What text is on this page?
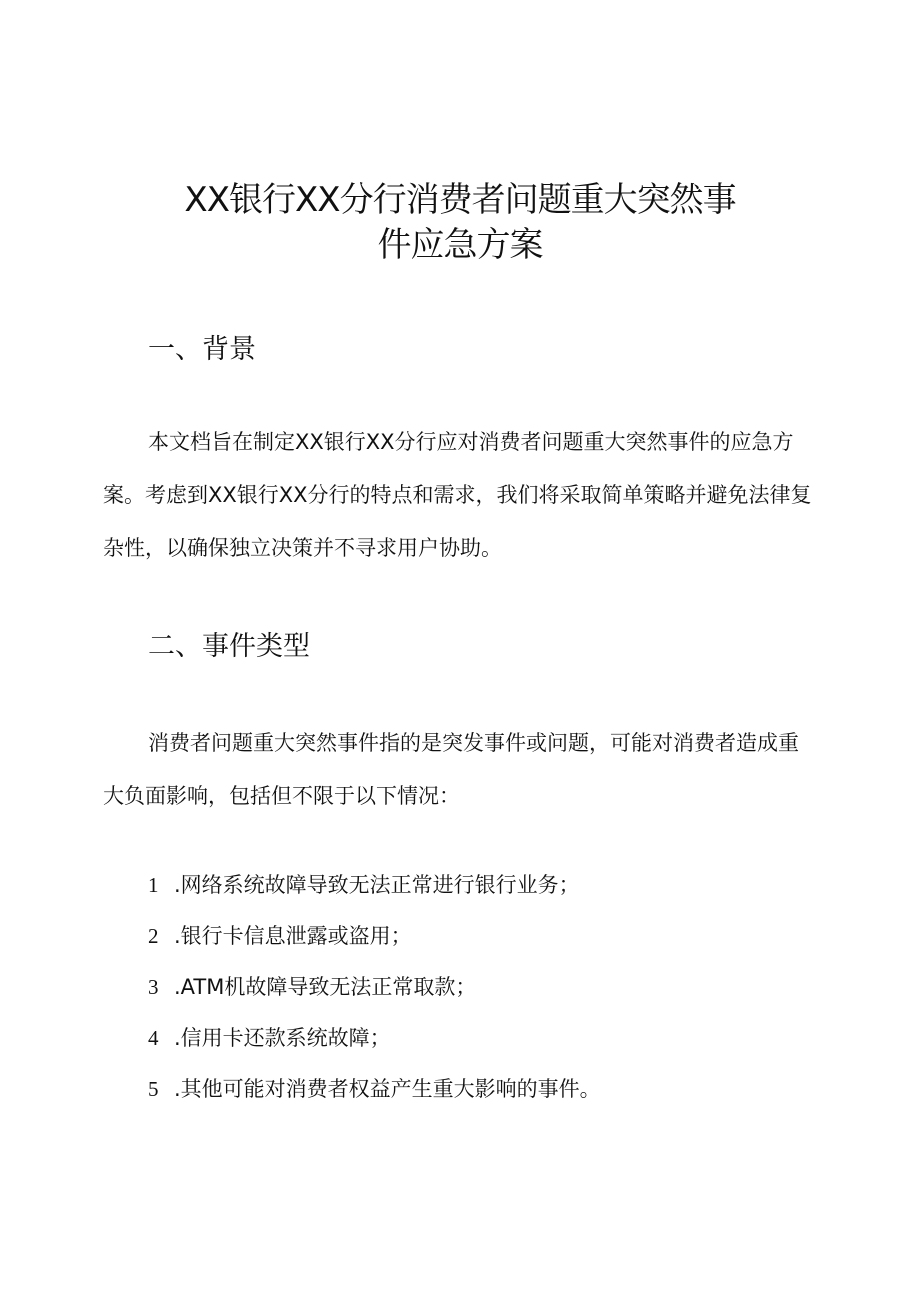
XX银行XX分行消费者问题重大突然事
件应急方案
一、背景

本文档旨在制定XX银行XX分行应对消费者问题重大突然事件的应急方案。考虑到XX银行XX分行的特点和需求，我们将采取简单策略并避免法律复杂性，以确保独立决策并不寻求用户协助。

二、事件类型

消费者问题重大突然事件指的是突发事件或问题，可能对消费者造成重大负面影响，包括但不限于以下情况：

1 .网络系统故障导致无法正常进行银行业务；
2 .银行卡信息泄露或盗用；
3 .ATM机故障导致无法正常取款；
4 .信用卡还款系统故障；
5 .其他可能对消费者权益产生重大影响的事件。
